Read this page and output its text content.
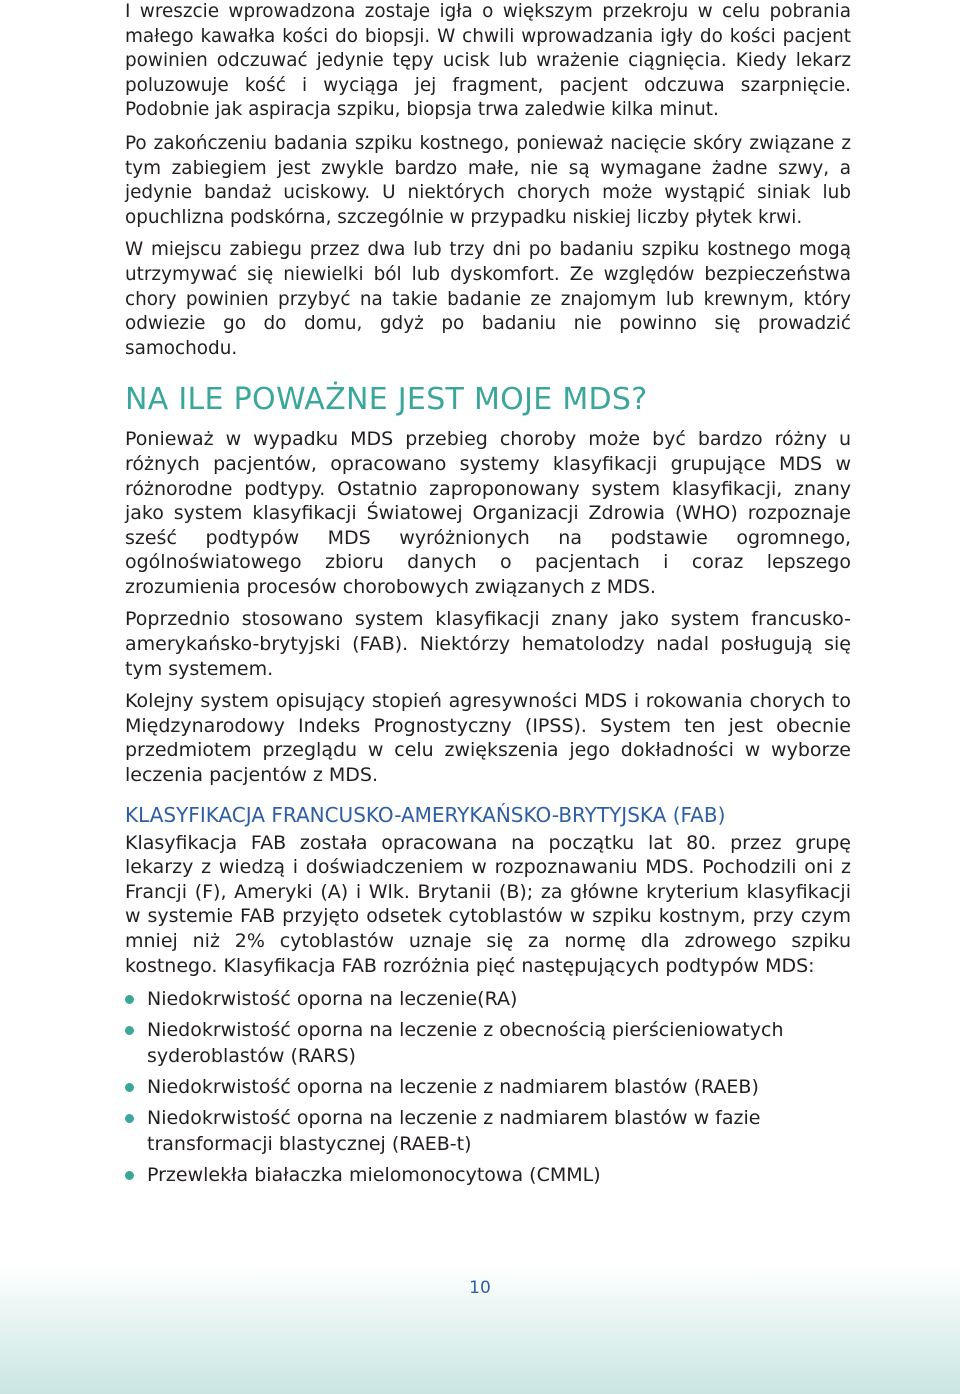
I wreszcie wprowadzona zostaje igła o większym przekroju w celu pobrania małego kawałka kości do biopsji. W chwili wprowadzania igły do kości pacjent powinien odczuwać jedynie tępy ucisk lub wrażenie ciągnięcia. Kiedy lekarz poluzowuje kość i wyciąga jej fragment, pacjent odczuwa szarpnięcie. Podobnie jak aspiracja szpiku, biopsja trwa zaledwie kilka minut.

Po zakończeniu badania szpiku kostnego, ponieważ nacięcie skóry związane z tym zabiegiem jest zwykle bardzo małe, nie są wymagane żadne szwy, a jedynie bandaż uciskowy. U niektórych chorych może wystąpić siniak lub opuchlizna podskórna, szczególnie w przypadku niskiej liczby płytek krwi.

W miejscu zabiegu przez dwa lub trzy dni po badaniu szpiku kostnego mogą utrzymywać się niewielki ból lub dyskomfort. Ze względów bezpieczeństwa chory powinien przybyć na takie badanie ze znajomym lub krewnym, który odwiezie go do domu, gdyż po badaniu nie powinno się prowadzić samochodu.

NA ILE POWAŻNE JEST MOJE MDS?

Ponieważ w wypadku MDS przebieg choroby może być bardzo różny u różnych pacjentów, opracowano systemy klasyfikacji grupujące MDS w różnorodne podtypy. Ostatnio zaproponowany system klasyfikacji, znany jako system klasyfikacji Światowej Organizacji Zdrowia (WHO) rozpoznaje sześć podtypów MDS wyróżnionych na podstawie ogromnego, ogólnoświatowego zbioru danych o pacjentach i coraz lepszego zrozumienia procesów chorobowych związanych z MDS.

Poprzednio stosowano system klasyfikacji znany jako system francusko-amerykańsko-brytyjski (FAB). Niektórzy hematolodzy nadal posługują się tym systemem.

Kolejny system opisujący stopień agresywności MDS i rokowania chorych to Międzynarodowy Indeks Prognostyczny (IPSS). System ten jest obecnie przedmiotem przeglądu w celu zwiększenia jego dokładności w wyborze leczenia pacjentów z MDS.

KLASYFIKACJA FRANCUSKO-AMERYKAŃSKO-BRYTYJSKA (FAB)

Klasyfikacja FAB została opracowana na początku lat 80. przez grupę lekarzy z wiedzą i doświadczeniem w rozpoznawaniu MDS. Pochodzili oni z Francji (F), Ameryki (A) i Wlk. Brytanii (B); za główne kryterium klasyfikacji w systemie FAB przyjęto odsetek cytoblastów w szpiku kostnym, przy czym mniej niż 2% cytoblastów uznaje się za normę dla zdrowego szpiku kostnego. Klasyfikacja FAB rozróżnia pięć następujących podtypów MDS:

Niedokrwistość oporna na leczenie(RA)
Niedokrwistość oporna na leczenie z obecnością pierścieniowatych syderoblastów (RARS)
Niedokrwistość oporna na leczenie z nadmiarem blastów (RAEB)
Niedokrwistość oporna na leczenie z nadmiarem blastów w fazie transformacji blastycznej (RAEB-t)
Przewlekła białaczka mielomonocytowa (CMML)
10
